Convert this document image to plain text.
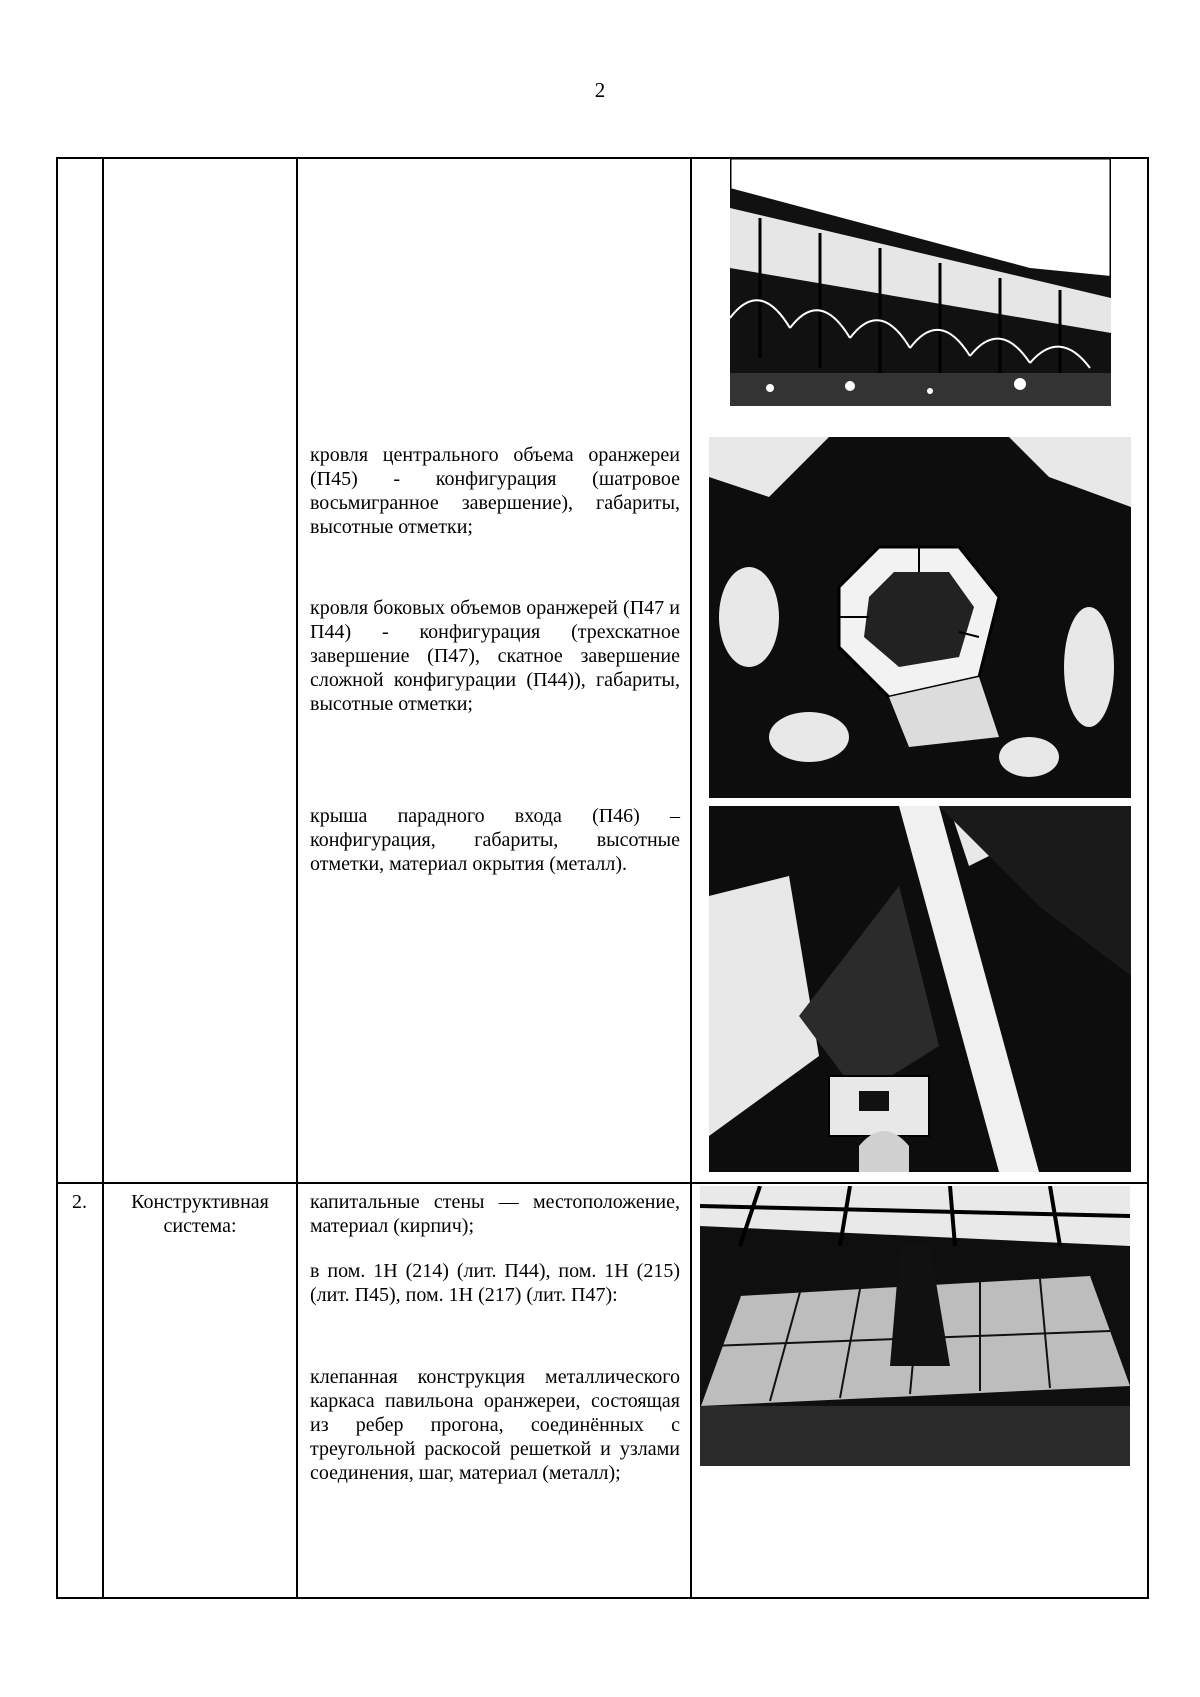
2
кровля центрального объема оранжереи (П45) - конфигурация (шатровое восьмигранное завершение), габариты, высотные отметки;
кровля боковых объемов оранжерей (П47 и П44) - конфигурация (трехскатное завершение (П47), скатное завершение сложной конфигурации (П44)), габариты, высотные отметки;
крыша парадного входа (П46) – конфигурация, габариты, высотные отметки, материал окрытия (металл).
2.	Конструктивная система:
капитальные стены — местоположение, материал (кирпич);
в пом. 1Н (214) (лит. П44), пом. 1Н (215) (лит. П45), пом. 1Н (217) (лит. П47):
клепанная конструкция металлического каркаса павильона оранжереи, состоящая из ребер прогона, соединённых с треугольной раскосой решеткой и узлами соединения, шаг, материал (металл);
